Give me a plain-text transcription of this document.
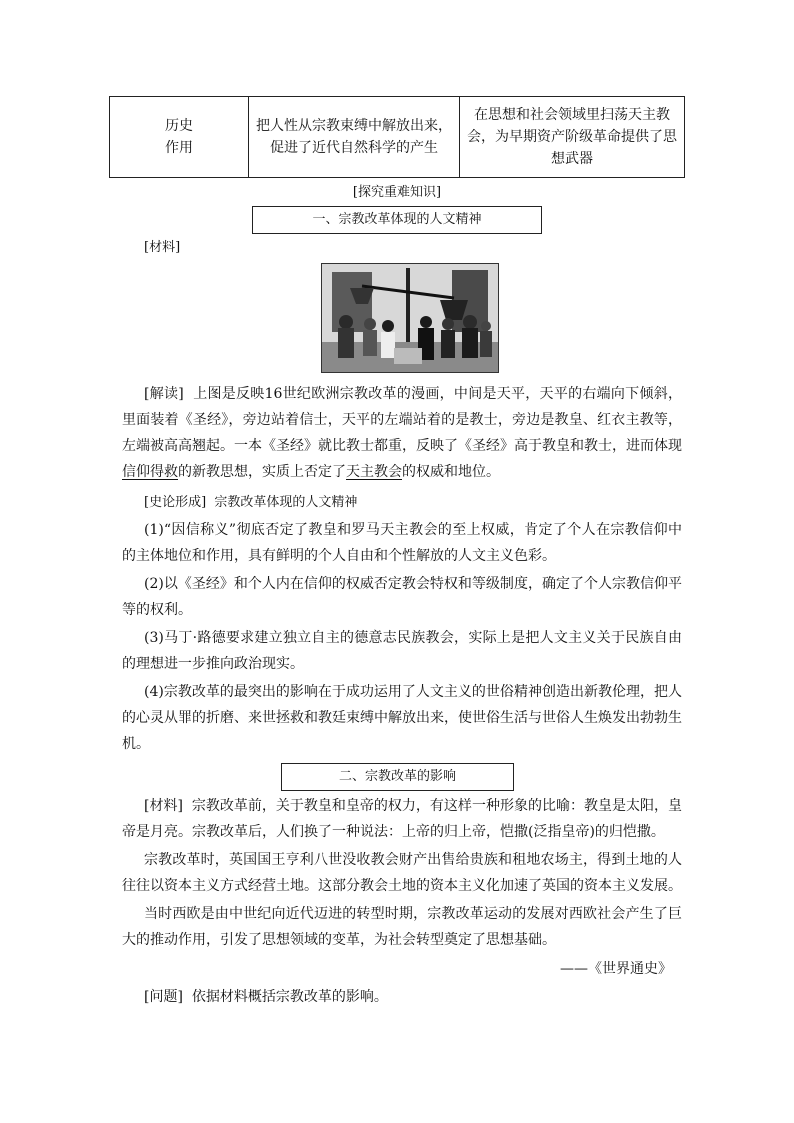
历史
作用	把人性从宗教束缚中解放出来，促进了近代自然科学的产生	在思想和社会领域里扫荡天主教会，为早期资产阶级革命提供了思想武器
[探究重难知识]
一、宗教改革体现的人文精神
[材料]

[解读] 上图是反映16世纪欧洲宗教改革的漫画，中间是天平，天平的右端向下倾斜，里面装着《圣经》，旁边站着信士，天平的左端站着的是教士，旁边是教皇、红衣主教等，左端被高高翘起。一本《圣经》就比教士都重，反映了《圣经》高于教皇和教士，进而体现信仰得救的新教思想，实质上否定了天主教会的权威和地位。

[史论形成] 宗教改革体现的人文精神

(1)“因信称义”彻底否定了教皇和罗马天主教会的至上权威，肯定了个人在宗教信仰中的主体地位和作用，具有鲜明的个人自由和个性解放的人文主义色彩。

(2)以《圣经》和个人内在信仰的权威否定教会特权和等级制度，确定了个人宗教信仰平等的权利。

(3)马丁·路德要求建立独立自主的德意志民族教会，实际上是把人文主义关于民族自由的理想进一步推向政治现实。

(4)宗教改革的最突出的影响在于成功运用了人文主义的世俗精神创造出新教伦理，把人的心灵从罪的折磨、来世拯救和教廷束缚中解放出来，使世俗生活与世俗人生焕发出勃勃生机。

二、宗教改革的影响

[材料] 宗教改革前，关于教皇和皇帝的权力，有这样一种形象的比喻：教皇是太阳，皇帝是月亮。宗教改革后，人们换了一种说法：上帝的归上帝，恺撒(泛指皇帝)的归恺撒。

宗教改革时，英国国王亨利八世没收教会财产出售给贵族和租地农场主，得到土地的人往往以资本主义方式经营土地。这部分教会土地的资本主义化加速了英国的资本主义发展。

当时西欧是由中世纪向近代迈进的转型时期，宗教改革运动的发展对西欧社会产生了巨大的推动作用，引发了思想领域的变革，为社会转型奠定了思想基础。

——《世界通史》

[问题] 依据材料概括宗教改革的影响。
